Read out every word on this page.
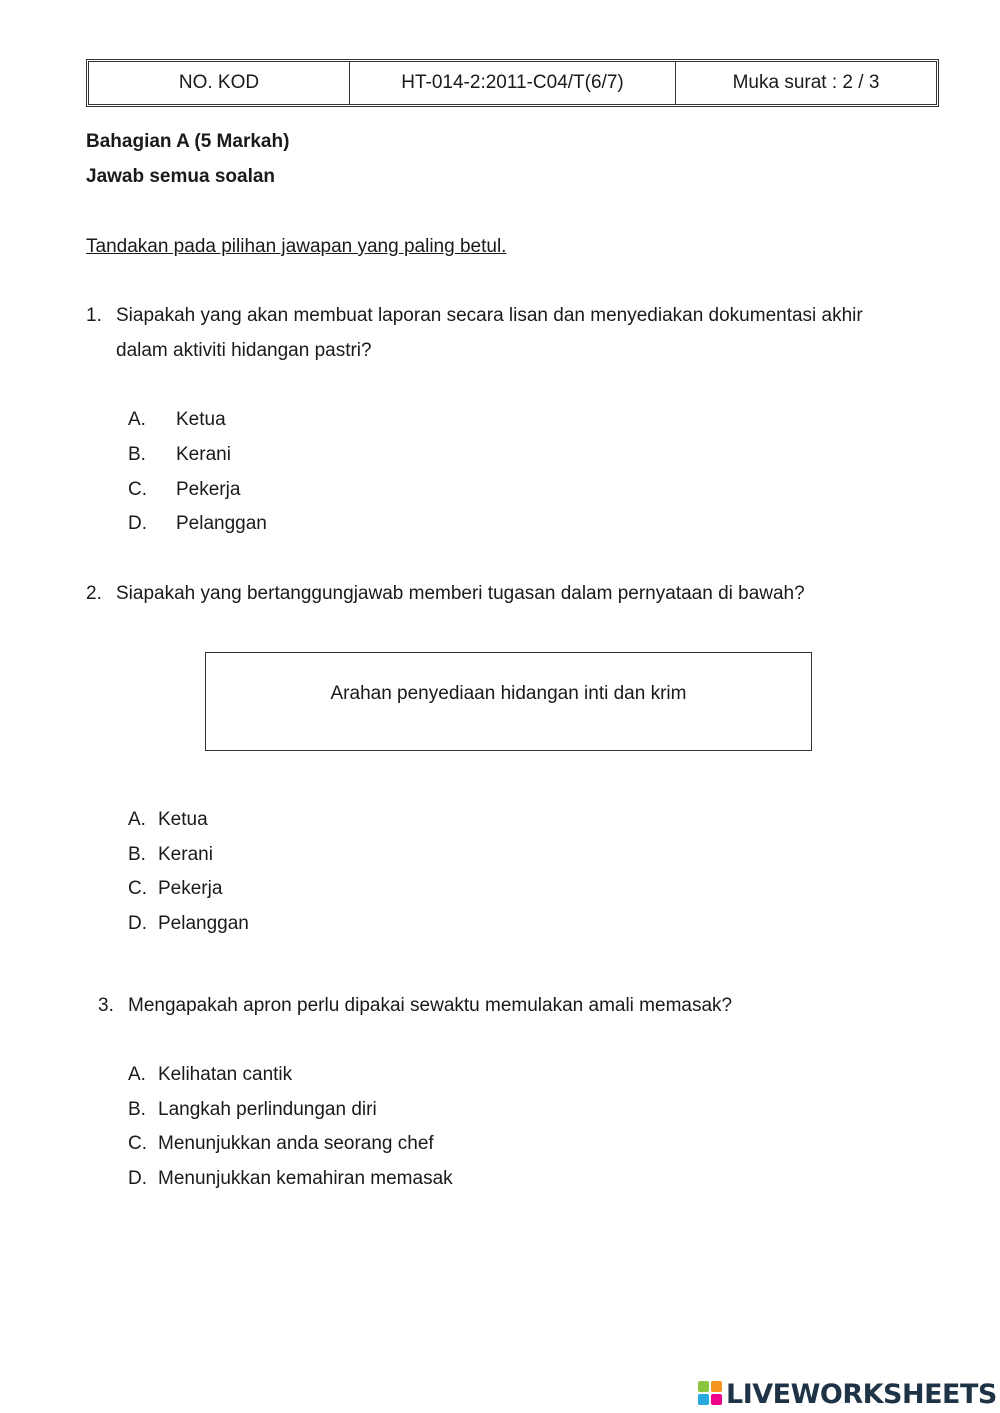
NO. KOD	HT-014-2:2011-C04/T(6/7)	Muka surat : 2 / 3
Bahagian A (5 Markah)
Jawab semua soalan
Tandakan pada pilihan jawapan yang paling betul.
1. Siapakah yang akan membuat laporan secara lisan dan menyediakan dokumentasi akhir
dalam aktiviti hidangan pastri?
A. Ketua
B. Kerani
C. Pekerja
D. Pelanggan
2. Siapakah yang bertanggungjawab memberi tugasan dalam pernyataan di bawah?
Arahan penyediaan hidangan inti dan krim
A. Ketua
B. Kerani
C. Pekerja
D. Pelanggan
3. Mengapakah apron perlu dipakai sewaktu memulakan amali memasak?
A. Kelihatan cantik
B. Langkah perlindungan diri
C. Menunjukkan anda seorang chef
D. Menunjukkan kemahiran memasak
LIVEWORKSHEETS
